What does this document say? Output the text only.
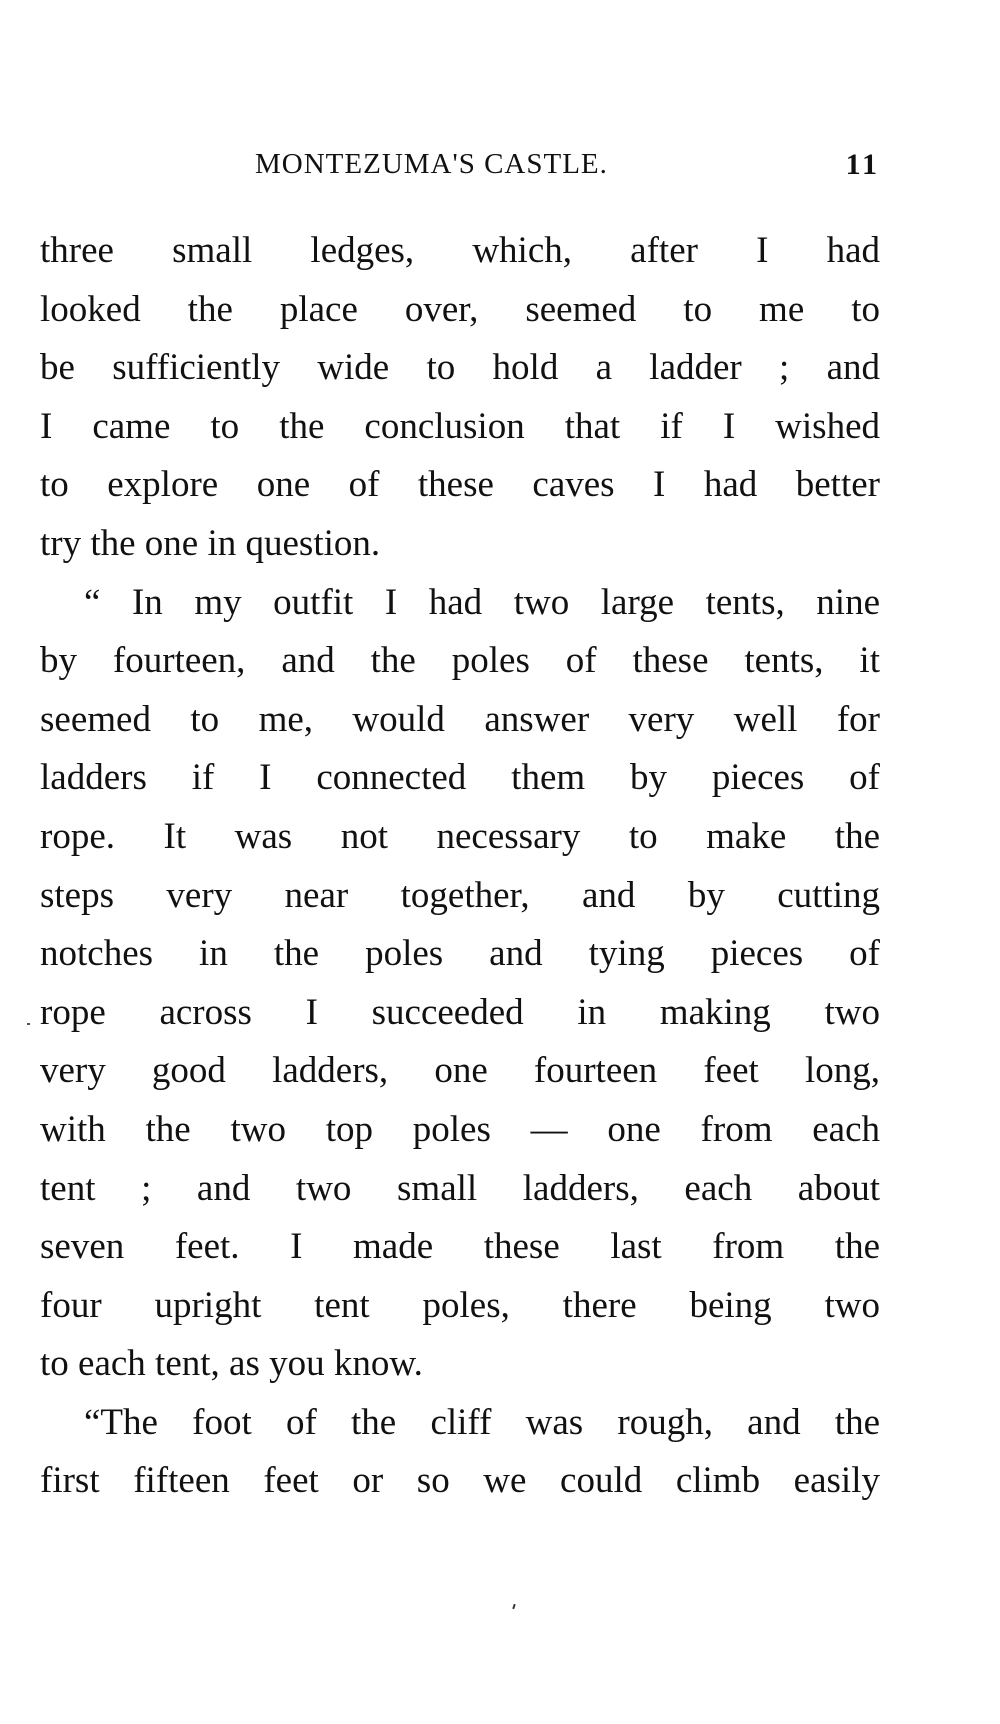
MONTEZUMA'S CASTLE.	11
three small ledges, which, after I had
looked the place over, seemed to me to
be sufficiently wide to hold a ladder ; and
I came to the conclusion that if I wished
to explore one of these caves I had better
try the one in question.
“ In my outfit I had two large tents, nine
by fourteen, and the poles of these tents, it
seemed to me, would answer very well for
ladders if I connected them by pieces of
rope. It was not necessary to make the
steps very near together, and by cutting
notches in the poles and tying pieces of
rope across I succeeded in making two
very good ladders, one fourteen feet long,
with the two top poles — one from each
tent ; and two small ladders, each about
seven feet. I made these last from the
four upright tent poles, there being two
to each tent, as you know.
“The foot of the cliff was rough, and the
first fifteen feet or so we could climb easily
